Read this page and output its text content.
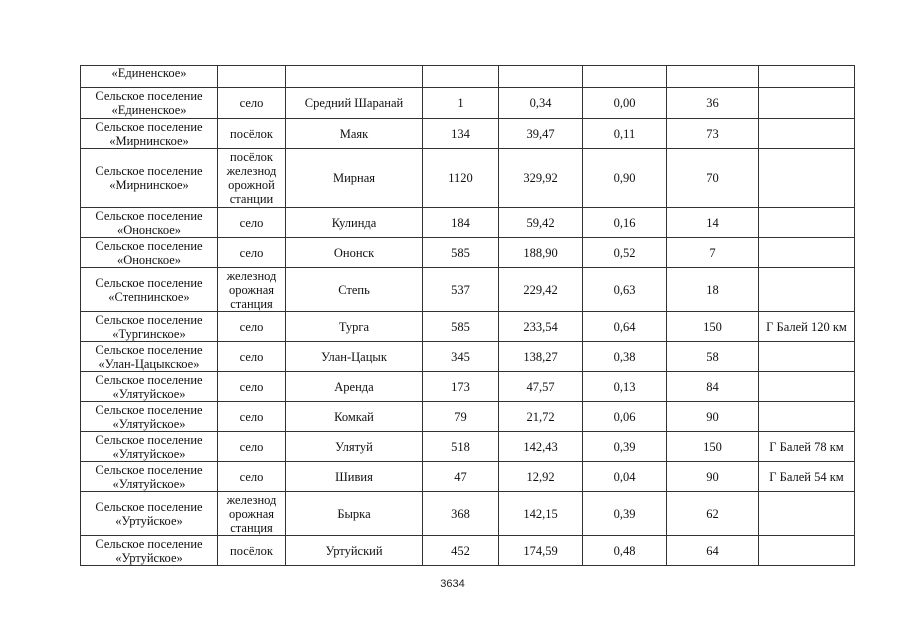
«Единенское»							
Сельское поселение «Единенское»	село	Средний Шаранай	1	0,34	0,00	36	
Сельское поселение «Мирнинское»	посёлок	Маяк	134	39,47	0,11	73	
Сельское поселение «Мирнинское»	посёлок железнод орожной станции	Мирная	1120	329,92	0,90	70	
Сельское поселение «Ононское»	село	Кулинда	184	59,42	0,16	14	
Сельское поселение «Ононское»	село	Ононск	585	188,90	0,52	7	
Сельское поселение «Степнинское»	железнод орожная станция	Степь	537	229,42	0,63	18	
Сельское поселение «Тургинское»	село	Турга	585	233,54	0,64	150	Г Балей 120 км
Сельское поселение «Улан-Цацыкское»	село	Улан-Цацык	345	138,27	0,38	58	
Сельское поселение «Улятуйское»	село	Аренда	173	47,57	0,13	84	
Сельское поселение «Улятуйское»	село	Комкай	79	21,72	0,06	90	
Сельское поселение «Улятуйское»	село	Улятуй	518	142,43	0,39	150	Г Балей 78 км
Сельское поселение «Улятуйское»	село	Шивия	47	12,92	0,04	90	Г Балей 54 км
Сельское поселение «Уртуйское»	железнод орожная станция	Бырка	368	142,15	0,39	62	
Сельское поселение «Уртуйское»	посёлок	Уртуйский	452	174,59	0,48	64	
3634
